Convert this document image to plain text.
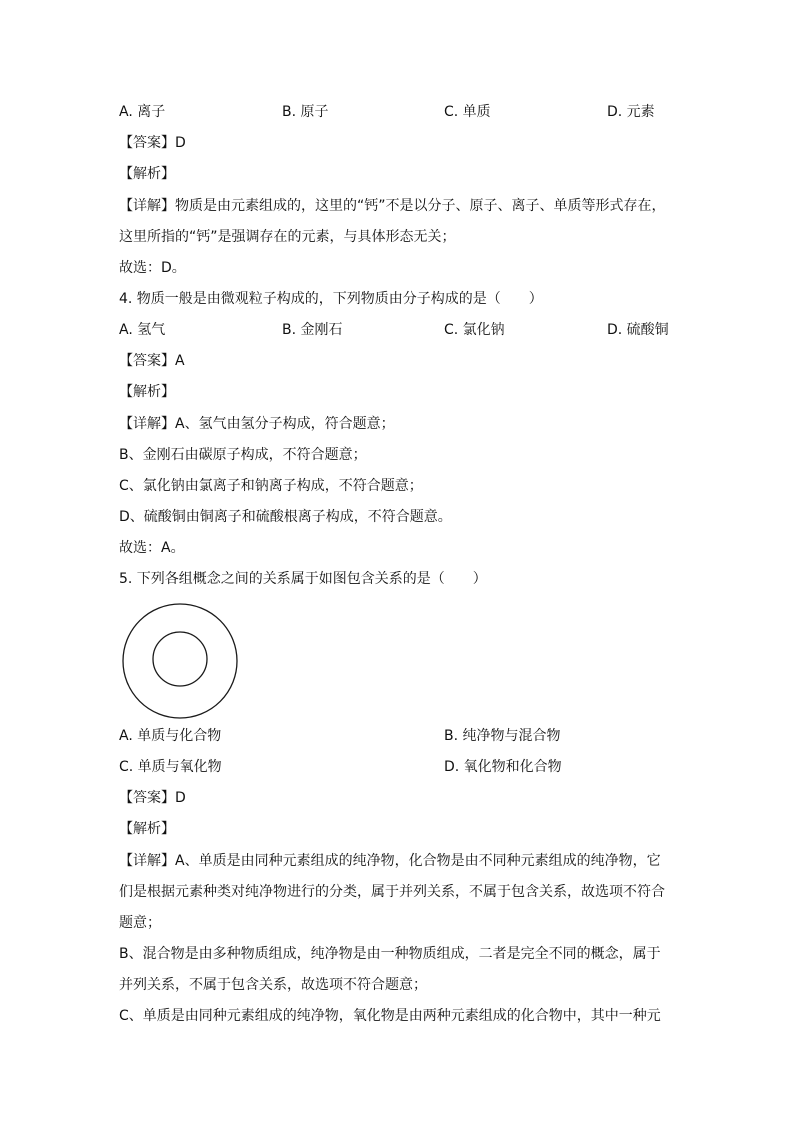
A. 离子	B. 原子	C. 单质	D. 元素
【 答案 】 D
【 解析 】
【 详解 】 物质是由元素组成的，这里的“钙”不是以分子、原子、离子、单质等形式存在，
这里所指的“钙”是强调存在的元素，与具体形态无关；
故选：D。
4. 物质一般是由微观粒子构成的，下列物质由分子构成的是（　　）
A. 氢气	B. 金刚石	C. 氯化钠	D. 硫酸铜
【 答案 】 A
【 解析 】
【 详解 】 A、氢气由氢分子构成，符合题意；
B、金刚石由碳原子构成，不符合题意；
C、氯化钠由氯离子和钠离子构成，不符合题意；
D、硫酸铜由铜离子和硫酸根离子构成，不符合题意。
故选：A。
5. 下列各组概念之间的关系属于如图包含关系的是（　　）
A. 单质与化合物	B. 纯净物与混合物
C. 单质与氧化物	D. 氧化物和化合物
【 答案 】 D
【 解析 】
【 详解 】 A、单质是由同种元素组成的纯净物，化合物是由不同种元素组成的纯净物，它
们是根据元素种类对纯净物进行的分类，属于并列关系，不属于包含关系，故选项不符合
题意；
B、混合物是由多种物质组成，纯净物是由一种物质组成，二者是完全不同的概念，属于
并列关系，不属于包含关系，故选项不符合题意；
C、单质是由同种元素组成的纯净物，氧化物是由两种元素组成的化合物中，其中一种元
